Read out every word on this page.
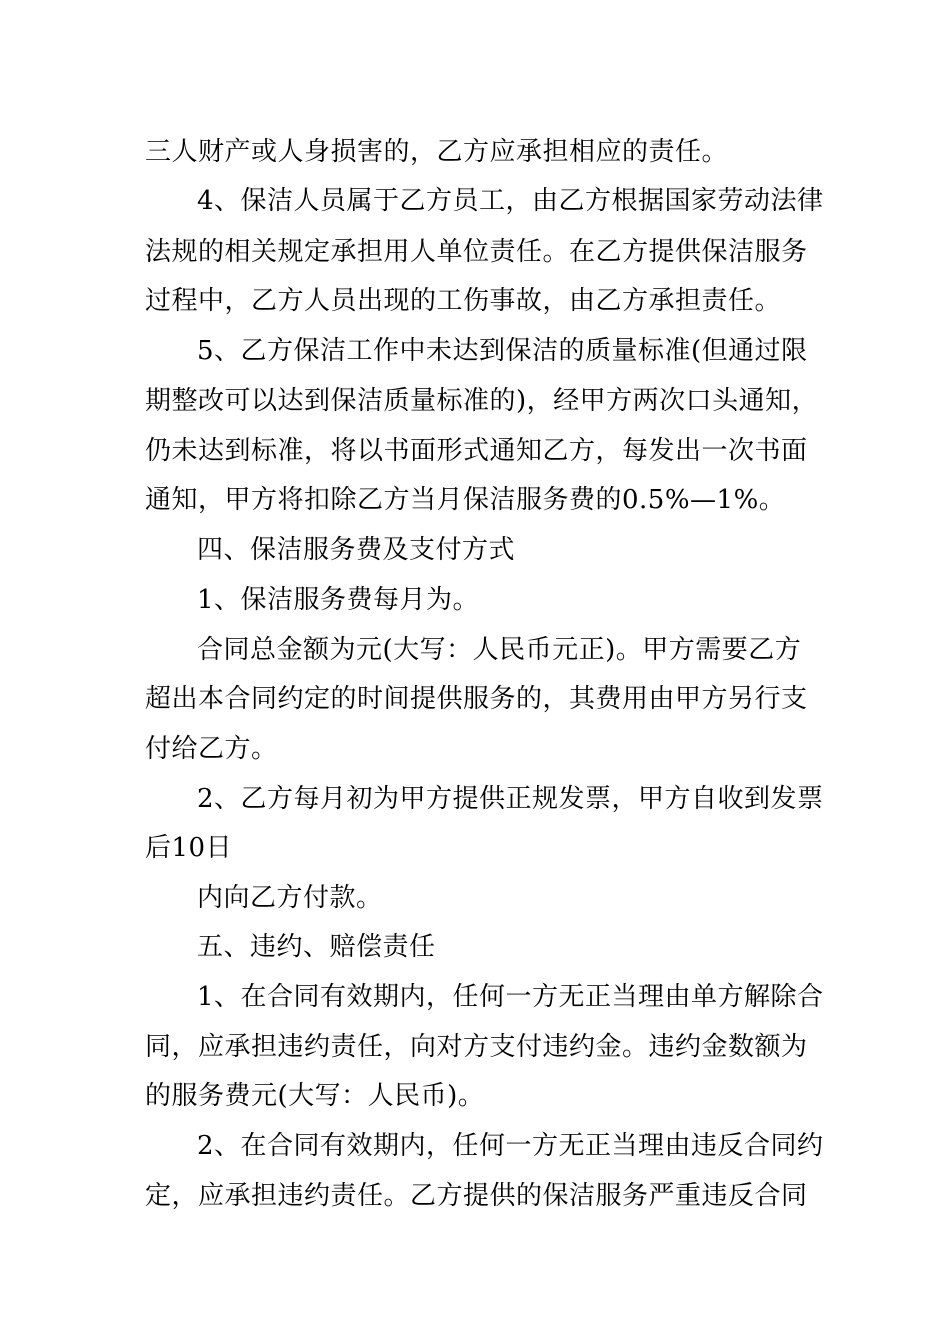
三人财产或人身损害的，乙方应承担相应的责任。
4、保洁人员属于乙方员工，由乙方根据国家劳动法律
法规的相关规定承担用人单位责任。在乙方提供保洁服务
过程中，乙方人员出现的工伤事故，由乙方承担责任。
5、乙方保洁工作中未达到保洁的质量标准(但通过限
期整改可以达到保洁质量标准的)，经甲方两次口头通知，
仍未达到标准，将以书面形式通知乙方，每发出一次书面
通知，甲方将扣除乙方当月保洁服务费的0.5%—1%。
四、保洁服务费及支付方式
1、保洁服务费每月为。
合同总金额为元(大写：人民币元正)。甲方需要乙方
超出本合同约定的时间提供服务的，其费用由甲方另行支
付给乙方。
2、乙方每月初为甲方提供正规发票，甲方自收到发票
后10日
内向乙方付款。
五、违约、赔偿责任
1、在合同有效期内，任何一方无正当理由单方解除合
同，应承担违约责任，向对方支付违约金。违约金数额为
的服务费元(大写：人民币)。
2、在合同有效期内，任何一方无正当理由违反合同约
定，应承担违约责任。乙方提供的保洁服务严重违反合同
